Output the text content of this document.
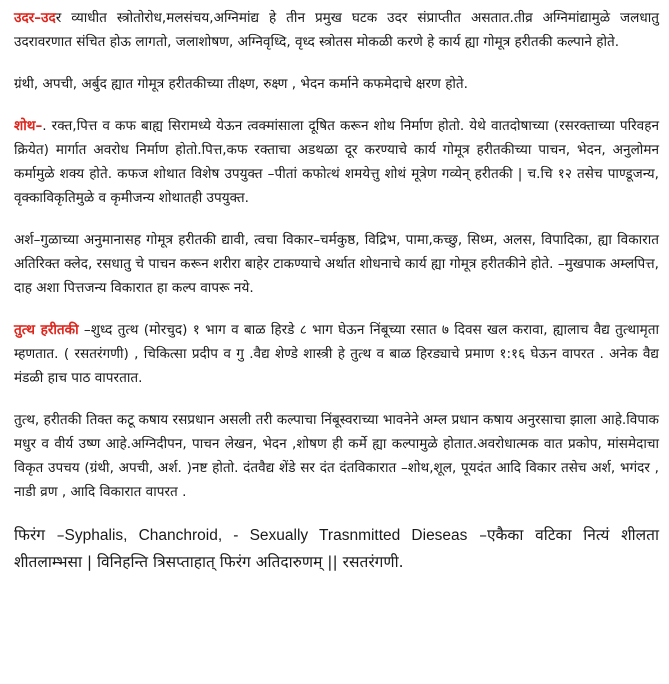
उदर–उदर व्याधीत स्त्रोतोरोध,मलसंचय,अग्निमांद्य हे तीन प्रमुख घटक उदर संप्राप्तीत असतात.तीव्र अग्निमांद्यामुळे जलधातु उदरावरणात संचित होऊ लागतो, जलाशोषण, अग्निवृध्दि, वृध्द स्त्रोतस मोकळी करणे हे कार्य ह्या गोमूत्र हरीतकी कल्पाने होते.

ग्रंथी, अपची, अर्बुद ह्यात गोमूत्र हरीतकीच्या तीक्ष्ण, रुक्ष्ण , भेदन कर्माने कफमेदाचे क्षरण होते.

शोथ–. रक्त,पित्त व कफ बाह्य सिरामध्ये येऊन त्वक्मांसाला दूषित करून शोथ निर्माण होतो. येथे वातदोषाच्या (रसरक्ताच्या परिवहन क्रियेत) मार्गात अवरोध निर्माण होतो.पित्त,कफ रक्ताचा अडथळा दूर करण्याचे कार्य गोमूत्र हरीतकीच्या पाचन, भेदन, अनुलोमन कर्मामुळे शक्य होते. कफज शोथात विशेष उपयुक्त –पीतां कफोत्थं शमयेत्तु शोथं मूत्रेण गव्येन् हरीतकी | च.चि १२ तसेच पाण्डूजन्य, वृक्काविकृतिमुळे व कृमीजन्य शोथातही उपयुक्त.

अर्श–गुळाच्या अनुमानासह गोमूत्र हरीतकी द्यावी, त्वचा विकार–चर्मकुष्ठ, विद्रिभ, पामा,कच्छु, सिध्म, अलस, विपादिका, ह्या विकारात अतिरिक्त क्लेद, रसधातु चे पाचन करून शरीरा बाहेर टाकण्याचे अर्थात शोधनाचे कार्य ह्या गोमूत्र हरीतकीने होते. –मुखपाक अम्लपित्त, दाह अशा पित्तजन्य विकारात हा कल्प वापरू नये.

तुत्थ हरीतकी –शुध्द तुत्थ (मोरचुद) १ भाग व बाळ हिरडे ८ भाग घेऊन निंबूच्या रसात ७ दिवस खल करावा, ह्यालाच वैद्य तुत्थामृता म्हणतात. ( रसतरंगणी) , चिकित्सा प्रदीप व गु .वैद्य शेण्डे शास्त्री हे तुत्थ व बाळ हिरड्याचे प्रमाण १:१६ घेऊन वापरत . अनेक वैद्य मंडळी हाच पाठ वापरतात.

तुत्थ, हरीतकी तिक्त कटू कषाय रसप्रधान असली तरी कल्पाचा निंबूस्वराच्या भावनेने अम्ल प्रधान कषाय अनुरसाचा झाला आहे.विपाक मधुर व वीर्य उष्ण आहे.अग्निदीपन, पाचन लेखन, भेदन ,शोषण ही कर्मे ह्या कल्पामुळे होतात.अवरोधात्मक वात प्रकोप, मांसमेदाचा विकृत उपचय (ग्रंथी, अपची, अर्श. )नष्ट होतो. दंतवैद्य शेंडे सर दंत दंतविकारात –शोथ,शूल, पूयदंत आदि विकार तसेच अर्श, भगंदर , नाडी व्रण , आदि विकारात वापरत .

फिरंग –Syphalis, Chanchroid, - Sexually Trasnmitted Dieseas –एकैका वटिका नित्यं शीलता शीतलाम्भसा | विनिहन्ति त्रिसप्ताहात् फिरंग अतिदारुणम् || रसतरंगणी.
